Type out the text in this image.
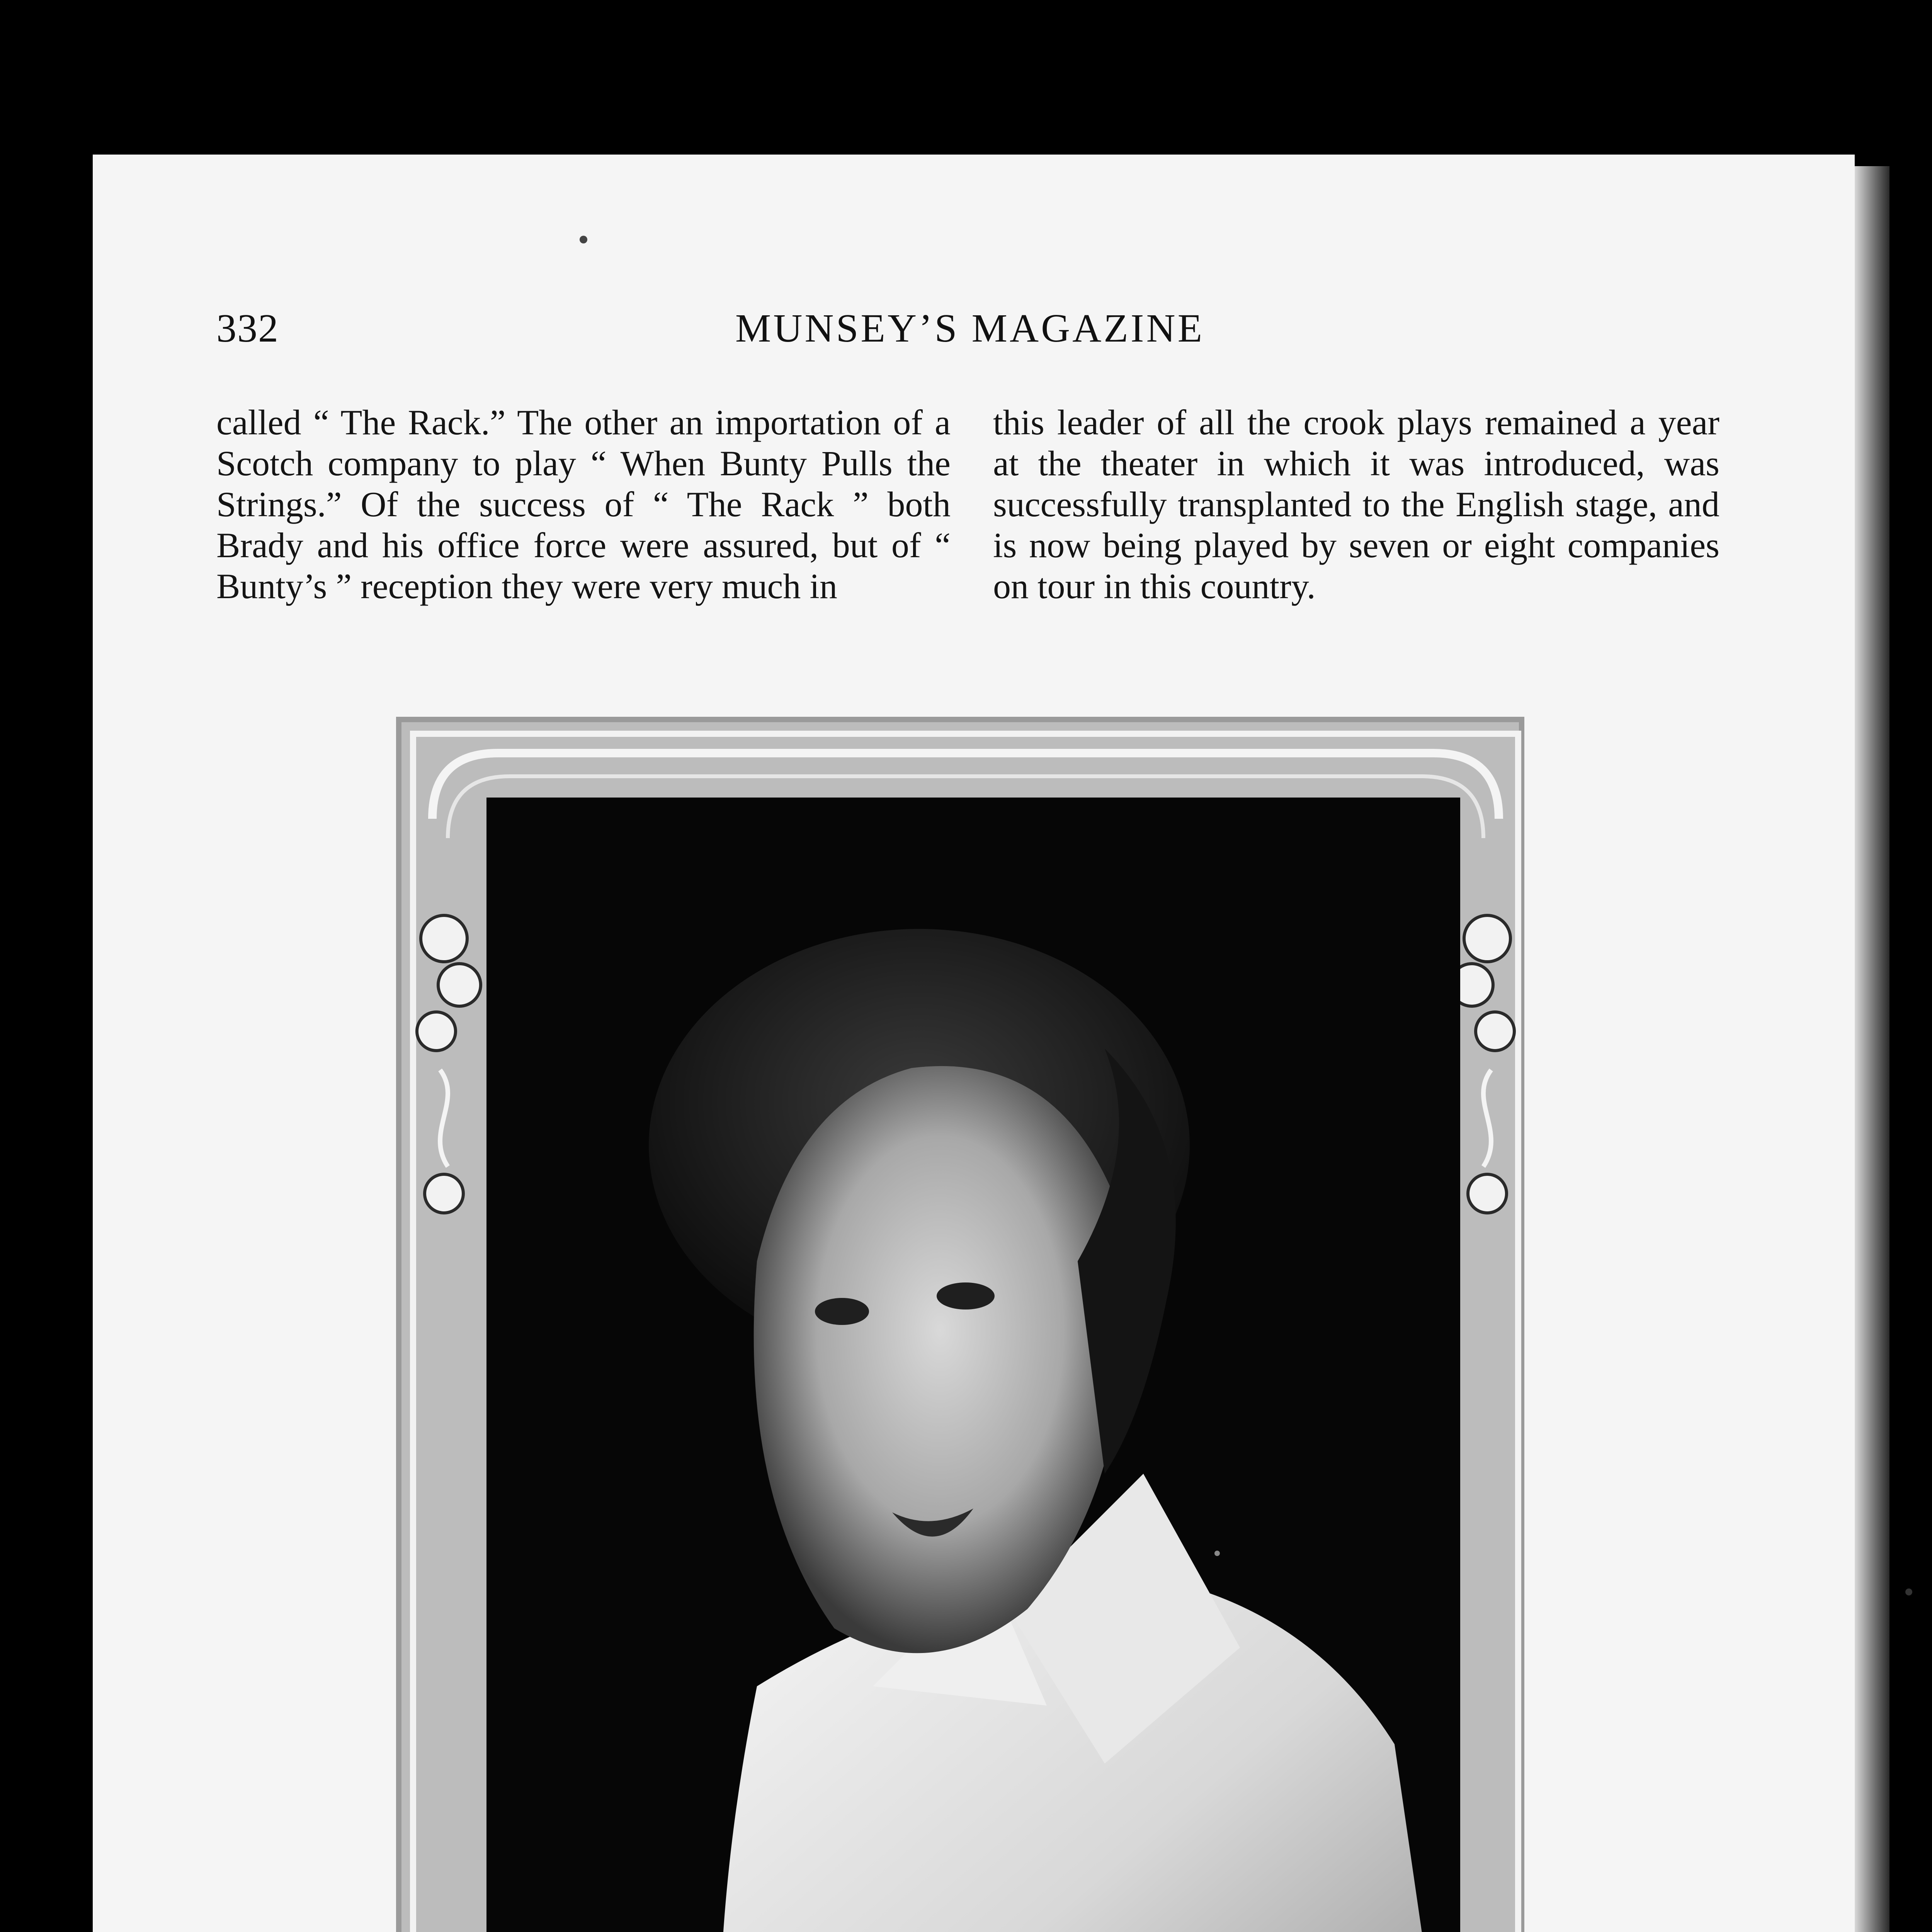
332	MUNSEY’S MAGAZINE

called “ The Rack.” The other an importation of a Scotch company to play “ When Bunty Pulls the Strings.” Of the success of “ The Rack ” both Brady and his office force were assured, but of “ Bunty’s ” reception they were very much in

this leader of all the crook plays remained a year at the theater in which it was introduced, was successfully transplanted to the English stage, and is now being played by seven or eight companies on tour in this country.
